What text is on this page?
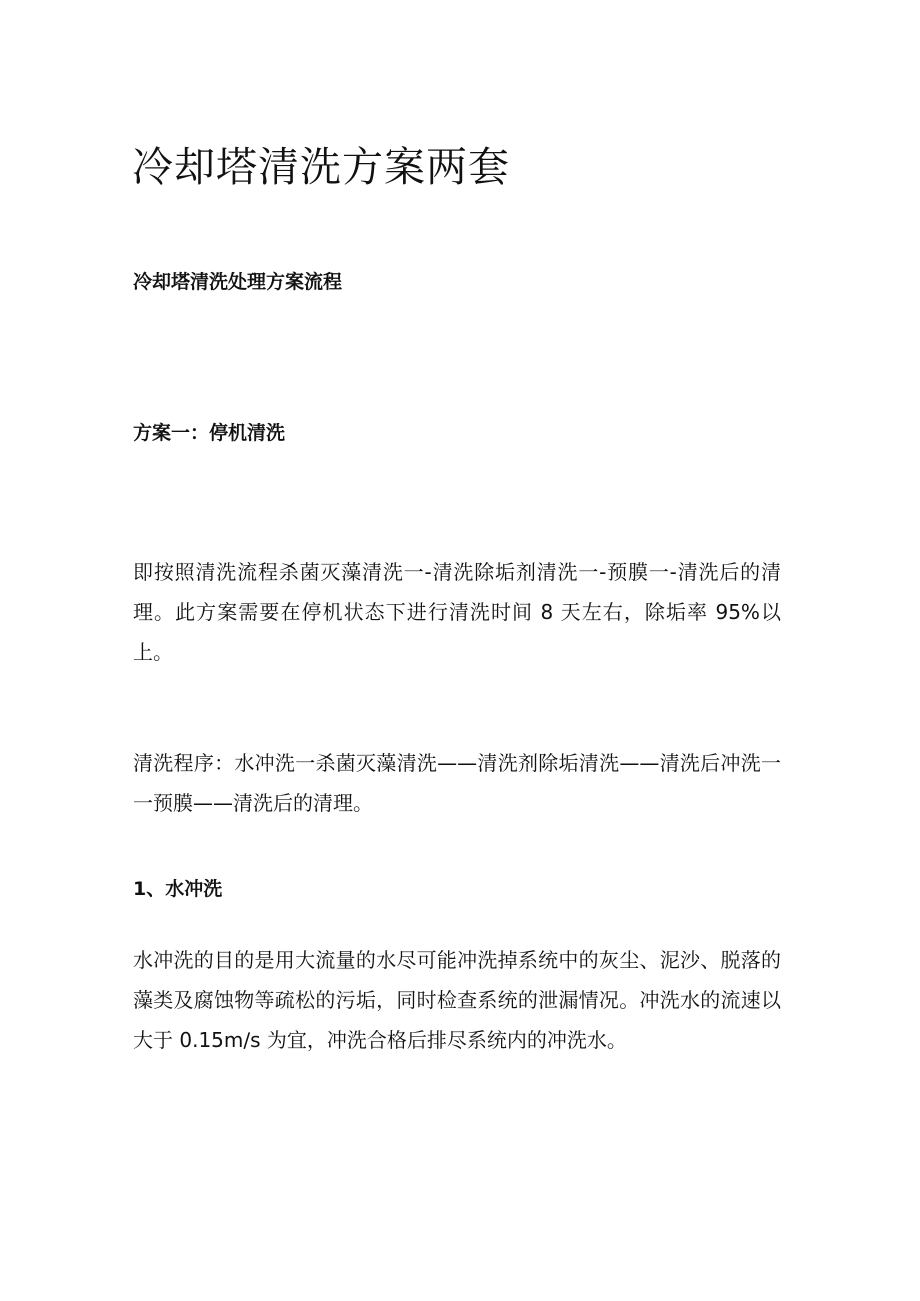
冷却塔清洗方案两套
冷却塔清洗处理方案流程
方案一：停机清洗

即按照清洗流程杀菌灭藻清洗一-清洗除垢剂清洗一-预膜一-清洗后的清理。此方案需要在停机状态下进行清洗时间 8 天左右，除垢率 95%以上。

清洗程序：水冲洗一杀菌灭藻清洗——清洗剂除垢清洗——清洗后冲洗一一预膜——清洗后的清理。

1、水冲洗

水冲洗的目的是用大流量的水尽可能冲洗掉系统中的灰尘、泥沙、脱落的藻类及腐蚀物等疏松的污垢，同时检查系统的泄漏情况。冲洗水的流速以大于 0.15m∕s 为宜，冲洗合格后排尽系统内的冲洗水。
